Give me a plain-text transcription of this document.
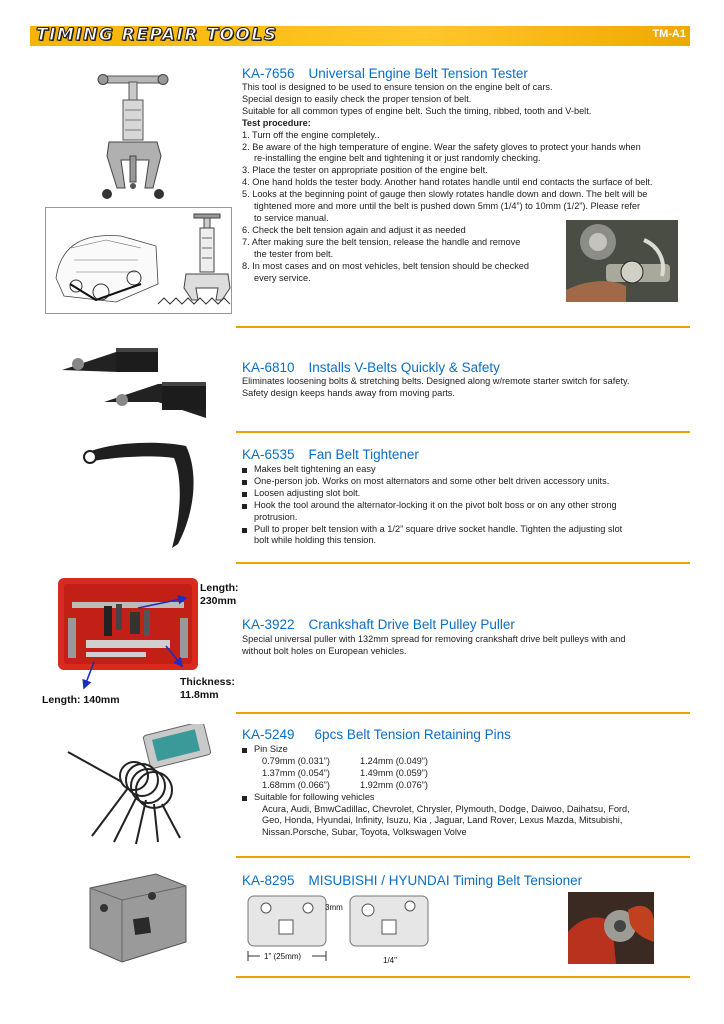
TIMING REPAIR TOOLS	TM-A1
KA-7656 Universal Engine Belt Tension Tester

This tool is designed to be used to ensure tension on the engine belt of cars.

Special design to easily check the proper tension of belt.

Suitable for all common types of engine belt. Such the timing, ribbed, tooth and V-belt.

Test procedure:

1. Turn off the engine completely..

2. Be aware of the high temperature of engine. Wear the safety gloves to protect your hands when

re-installing the engine belt and tightening it or just randomly checking.

3. Place the tester on appropriate position of the engine belt.

4. One hand holds the tester body. Another hand rotates handle until end contacts the surface of belt.

5. Looks at the beginning point of gauge then slowly rotates handle down and down. The belt will be

tightened more and more until the belt is pushed down 5mm (1/4”) to 10mm (1/2”). Please refer

to service manual.

6. Check the belt tension again and adjust it as needed

7. After making sure the belt tension, release the handle and remove

the tester from belt.

8. In most cases and on most vehicles, belt tension should be checked

every service.

KA-6810 Installs V-Belts Quickly & Safety

Eliminates loosening bolts & stretching belts. Designed along w/remote starter switch for safety.

Safety design keeps hands away from moving parts.

KA-6535 Fan Belt Tightener
Makes belt tightening an easy
One-person job. Works on most alternators and some other belt driven accessory units.
Loosen adjusting slot bolt.
Hook the tool around the alternator-locking it on the pivot bolt boss or on any other strong
protrusion.
Pull to proper belt tension with a 1/2” square drive socket handle. Tighten the adjusting slot
bolt while holding this tension.
Length:
230mm
Thickness:
11.8mm
Length: 140mm
KA-3922 Crankshaft Drive Belt Pulley Puller

Special universal puller with 132mm spread for removing crankshaft drive belt pulleys with and

without bolt holes on European vehicles.

KA-5249 6pcs Belt Tension Retaining Pins
Pin Size
0.79mm (0.031”)	1.24mm (0.049”)
1.37mm (0.054”)	1.49mm (0.059”)
1.68mm (0.066”)	1.92mm (0.076”)
Suitable for following vehicles

Acura, Audi, BmwCadillac, Chevrolet, Chrysler, Plymouth, Dodge, Daiwoo, Daihatsu, Ford,

Geo, Honda, Hyundai, Infinity, Isuzu, Kia , Jaguar, Land Rover, Lexus Mazda, Mitsubishi,

Nissan.Porsche, Subar, Toyota, Volkswagen Volve

KA-8295 MISUBISHI / HYUNDAI Timing Belt Tensioner
3mm
1" (25mm)	1/4"
